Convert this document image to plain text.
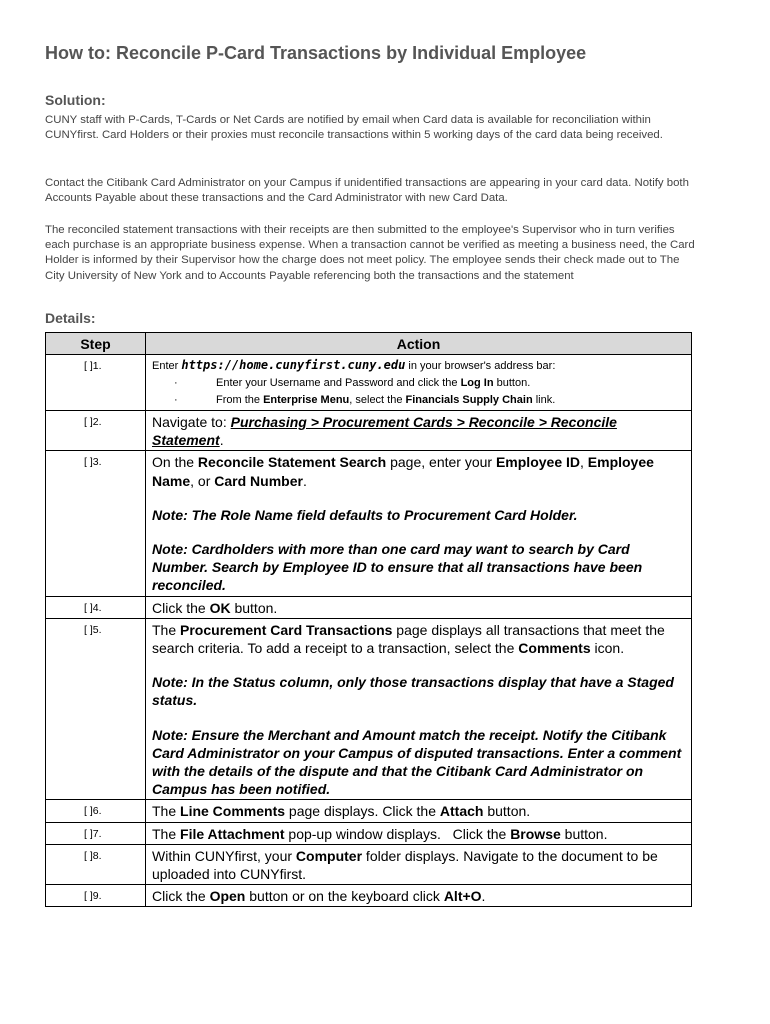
How to: Reconcile P-Card Transactions by Individual Employee
Solution:
CUNY staff with P-Cards, T-Cards or Net Cards are notified by email when Card data is available for reconciliation within CUNYfirst. Card Holders or their proxies must reconcile transactions within 5 working days of the card data being received.
Contact the Citibank Card Administrator on your Campus if unidentified transactions are appearing in your card data. Notify both Accounts Payable about these transactions and the Card Administrator with new Card Data.
The reconciled statement transactions with their receipts are then submitted to the employee's Supervisor who in turn verifies each purchase is an appropriate business expense. When a transaction cannot be verified as meeting a business need, the Card Holder is informed by their Supervisor how the charge does not meet policy. The employee sends their check made out to The City University of New York and to Accounts Payable referencing both the transactions and the statement
Details:
Step	Action
[ ]1.	Enter https://home.cunyfirst.cuny.edu in your browser's address bar:
· Enter your Username and Password and click the Log In button.
· From the Enterprise Menu, select the Financials Supply Chain link.

[ ]2.	Navigate to: Purchasing > Procurement Cards > Reconcile > Reconcile Statement.
[ ]3.	On the Reconcile Statement Search page, enter your Employee ID, Employee Name, or Card Number.
Note: The Role Name field defaults to Procurement Card Holder.
Note: Cardholders with more than one card may want to search by Card Number. Search by Employee ID to ensure that all transactions have been reconciled.

[ ]4.	Click the OK button.
[ ]5.	The Procurement Card Transactions page displays all transactions that meet the search criteria. To add a receipt to a transaction, select the Comments icon.
Note: In the Status column, only those transactions display that have a Staged status.
Note: Ensure the Merchant and Amount match the receipt. Notify the Citibank Card Administrator on your Campus of disputed transactions. Enter a comment with the details of the dispute and that the Citibank Card Administrator on Campus has been notified.

[ ]6.	The Line Comments page displays. Click the Attach button.
[ ]7.	The File Attachment pop-up window displays.   Click the Browse button.
[ ]8.	Within CUNYfirst, your Computer folder displays. Navigate to the document to be uploaded into CUNYfirst.
[ ]9.	Click the Open button or on the keyboard click Alt+O.
